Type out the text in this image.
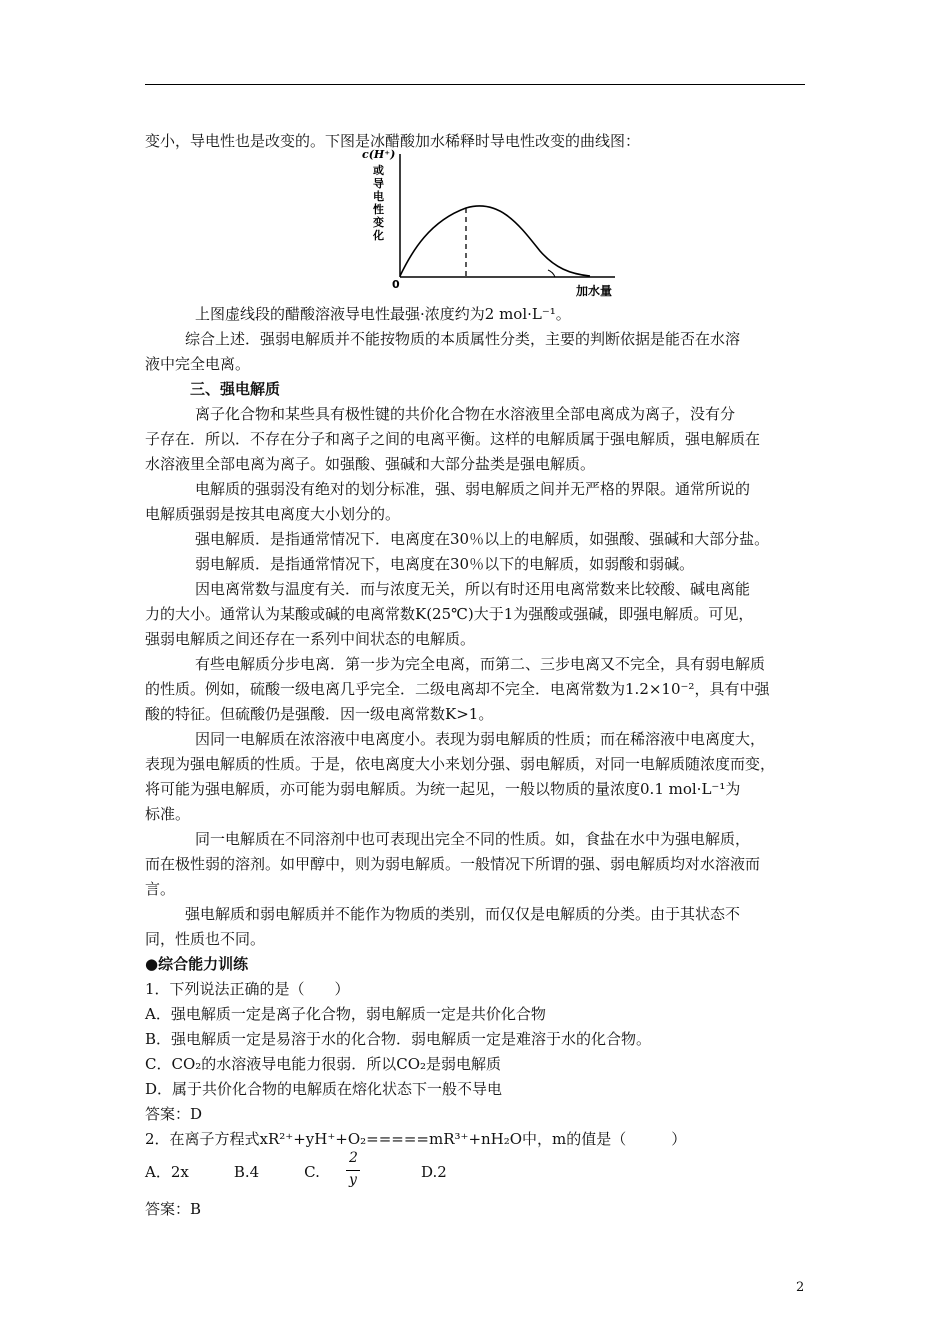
变小，导电性也是改变的。下图是冰醋酸加水稀释时导电性改变的曲线图：
c(H⁺)
或
导
电
性
变
化
0	加水量
上图虚线段的醋酸溶液导电性最强·浓度约为2 mol·L⁻¹。
综合上述．强弱电解质并不能按物质的本质属性分类，主要的判断依据是能否在水溶
液中完全电离。
三、强电解质
离子化合物和某些具有极性键的共价化合物在水溶液里全部电离成为离子，没有分
子存在．所以．不存在分子和离子之间的电离平衡。这样的电解质属于强电解质，强电解质在
水溶液里全部电离为离子。如强酸、强碱和大部分盐类是强电解质。
电解质的强弱没有绝对的划分标准，强、弱电解质之间并无严格的界限。通常所说的
电解质强弱是按其电离度大小划分的。
强电解质．是指通常情况下．电离度在30％以上的电解质，如强酸、强碱和大部分盐。
弱电解质．是指通常情况下，电离度在30％以下的电解质，如弱酸和弱碱。
因电离常数与温度有关．而与浓度无关，所以有时还用电离常数来比较酸、碱电离能
力的大小。通常认为某酸或碱的电离常数K(25℃)大于1为强酸或强碱，即强电解质。可见，
强弱电解质之间还存在一系列中间状态的电解质。
有些电解质分步电离．第一步为完全电离，而第二、三步电离又不完全，具有弱电解质
的性质。例如，硫酸一级电离几乎完全．二级电离却不完全．电离常数为1.2×10⁻²，具有中强
酸的特征。但硫酸仍是强酸．因一级电离常数K>1。
因同一电解质在浓溶液中电离度小。表现为弱电解质的性质；而在稀溶液中电离度大，
表现为强电解质的性质。于是，依电离度大小来划分强、弱电解质，对同一电解质随浓度而变，
将可能为强电解质，亦可能为弱电解质。为统一起见，一般以物质的量浓度0.1 mol·L⁻¹为
标准。
同一电解质在不同溶剂中也可表现出完全不同的性质。如，食盐在水中为强电解质，
而在极性弱的溶剂。如甲醇中，则为弱电解质。一般情况下所谓的强、弱电解质均对水溶液而
言。
强电解质和弱电解质并不能作为物质的类别，而仅仅是电解质的分类。由于其状态不
同，性质也不同。
●综合能力训练
1．下列说法正确的是（　　）
A．强电解质一定是离子化合物，弱电解质一定是共价化合物
B．强电解质一定是易溶于水的化合物．弱电解质一定是难溶于水的化合物。
C．CO₂的水溶液导电能力很弱．所以CO₂是弱电解质
D．属于共价化合物的电解质在熔化状态下一般不导电
答案：D
2．在离子方程式xR²⁺+yH⁺+O₂=====mR³⁺+nH₂O中，m的值是（　　　）
A．2x　　　B.4　　　C.
2
y	D.2
答案：B
2
